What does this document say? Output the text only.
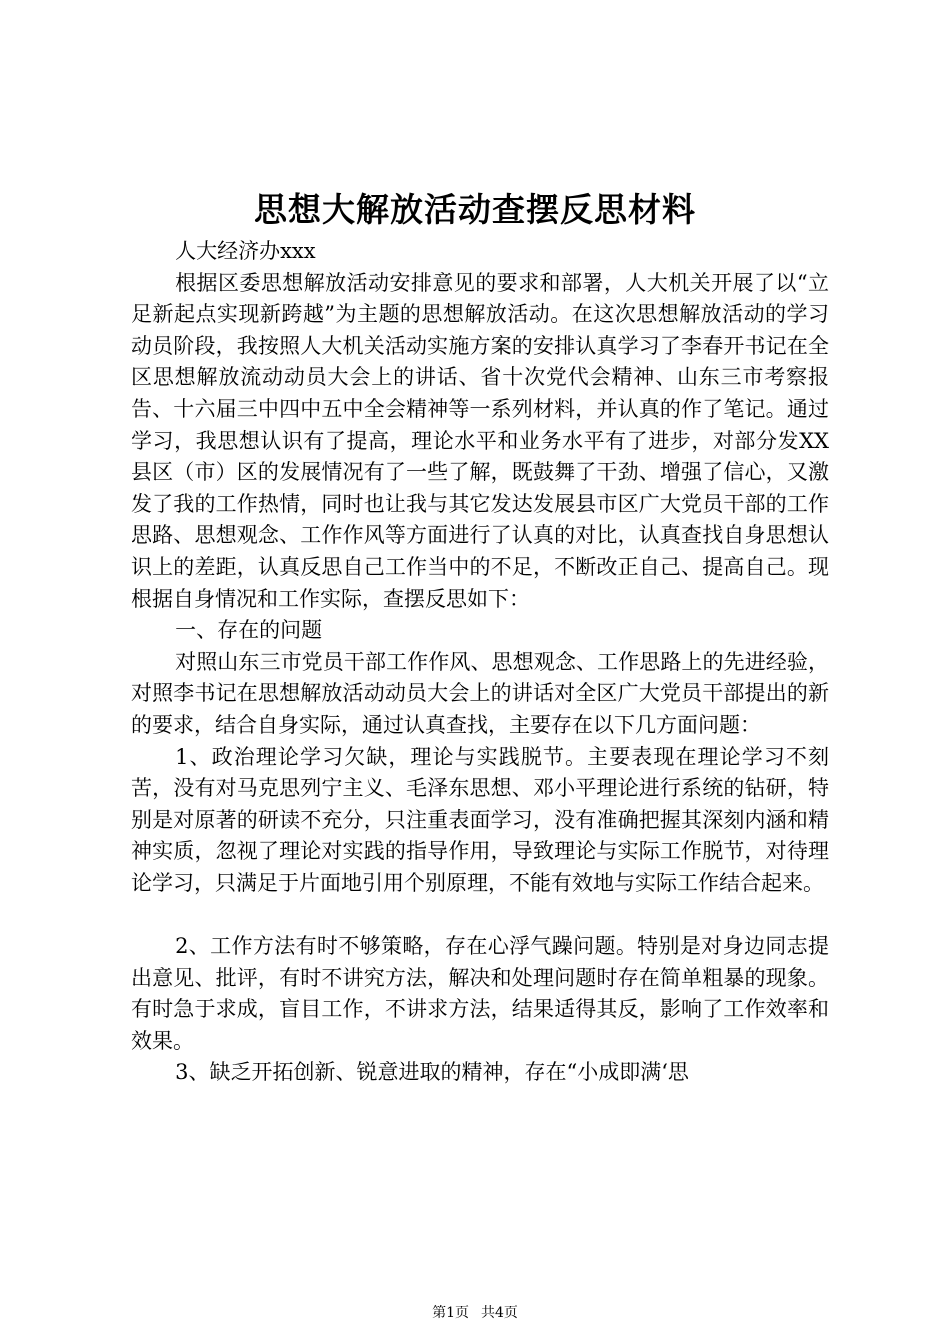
思想大解放活动查摆反思材料

人大经济办xxx

根据区委思想解放活动安排意见的要求和部署，人大机关开展了以“立足新起点实现新跨越”为主题的思想解放活动。在这次思想解放活动的学习动员阶段，我按照人大机关活动实施方案的安排认真学习了李春开书记在全区思想解放流动动员大会上的讲话、省十次党代会精神、山东三市考察报告、十六届三中四中五中全会精神等一系列材料，并认真的作了笔记。通过学习，我思想认识有了提高，理论水平和业务水平有了进步，对部分发XX县区（市）区的发展情况有了一些了解，既鼓舞了干劲、增强了信心，又激发了我的工作热情，同时也让我与其它发达发展县市区广大党员干部的工作思路、思想观念、工作作风等方面进行了认真的对比，认真查找自身思想认识上的差距，认真反思自己工作当中的不足，不断改正自己、提高自己。现根据自身情况和工作实际，查摆反思如下：

一、存在的问题

对照山东三市党员干部工作作风、思想观念、工作思路上的先进经验，对照李书记在思想解放活动动员大会上的讲话对全区广大党员干部提出的新的要求，结合自身实际，通过认真查找，主要存在以下几方面问题：

1、政治理论学习欠缺，理论与实践脱节。主要表现在理论学习不刻苦，没有对马克思列宁主义、毛泽东思想、邓小平理论进行系统的钻研，特别是对原著的研读不充分，只注重表面学习，没有准确把握其深刻内涵和精神实质，忽视了理论对实践的指导作用，导致理论与实际工作脱节，对待理论学习，只满足于片面地引用个别原理，不能有效地与实际工作结合起来。

2、工作方法有时不够策略，存在心浮气躁问题。特别是对身边同志提出意见、批评，有时不讲究方法，解决和处理问题时存在简单粗暴的现象。有时急于求成，盲目工作，不讲求方法，结果适得其反，影响了工作效率和效果。

3、缺乏开拓创新、锐意进取的精神，存在“小成即满‘思

第1页 共4页
